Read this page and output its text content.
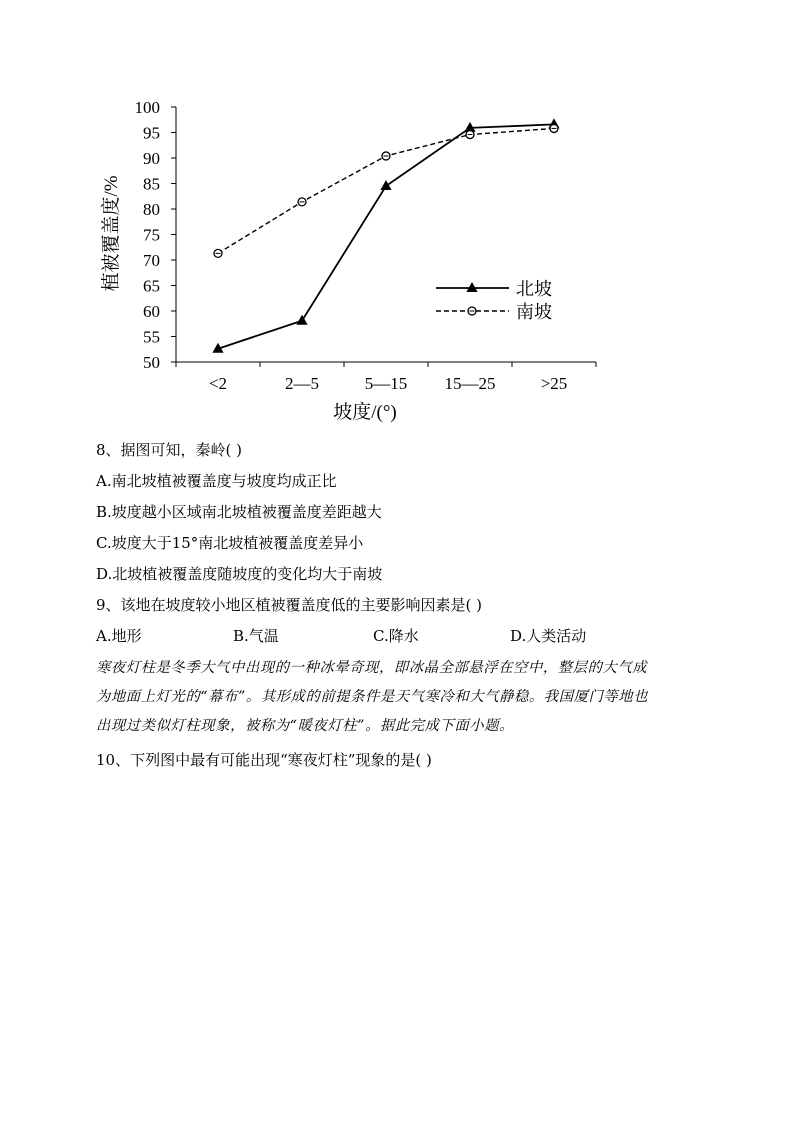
50
55
60
65
70
75
80
85
90
95
100
<2	2—5	5—15 15—25	>25
植被覆盖度/%
坡度/(°)
北坡
南坡
8、据图可知，秦岭( )
A.南北坡植被覆盖度与坡度均成正比
B.坡度越小区域南北坡植被覆盖度差距越大
C.坡度大于15°南北坡植被覆盖度差异小
D.北坡植被覆盖度随坡度的变化均大于南坡
9、该地在坡度较小地区植被覆盖度低的主要影响因素是( )
A.地形	B.气温	C.降水	D.人类活动
寒夜灯柱是冬季大气中出现的一种冰晕奇现，即冰晶全部悬浮在空中，整层的大气成
为地面上灯光的“幕布”。其形成的前提条件是天气寒冷和大气静稳。我国厦门等地也
出现过类似灯柱现象，被称为“暖夜灯柱”。据此完成下面小题。
10、下列图中最有可能出现“寒夜灯柱”现象的是( )
